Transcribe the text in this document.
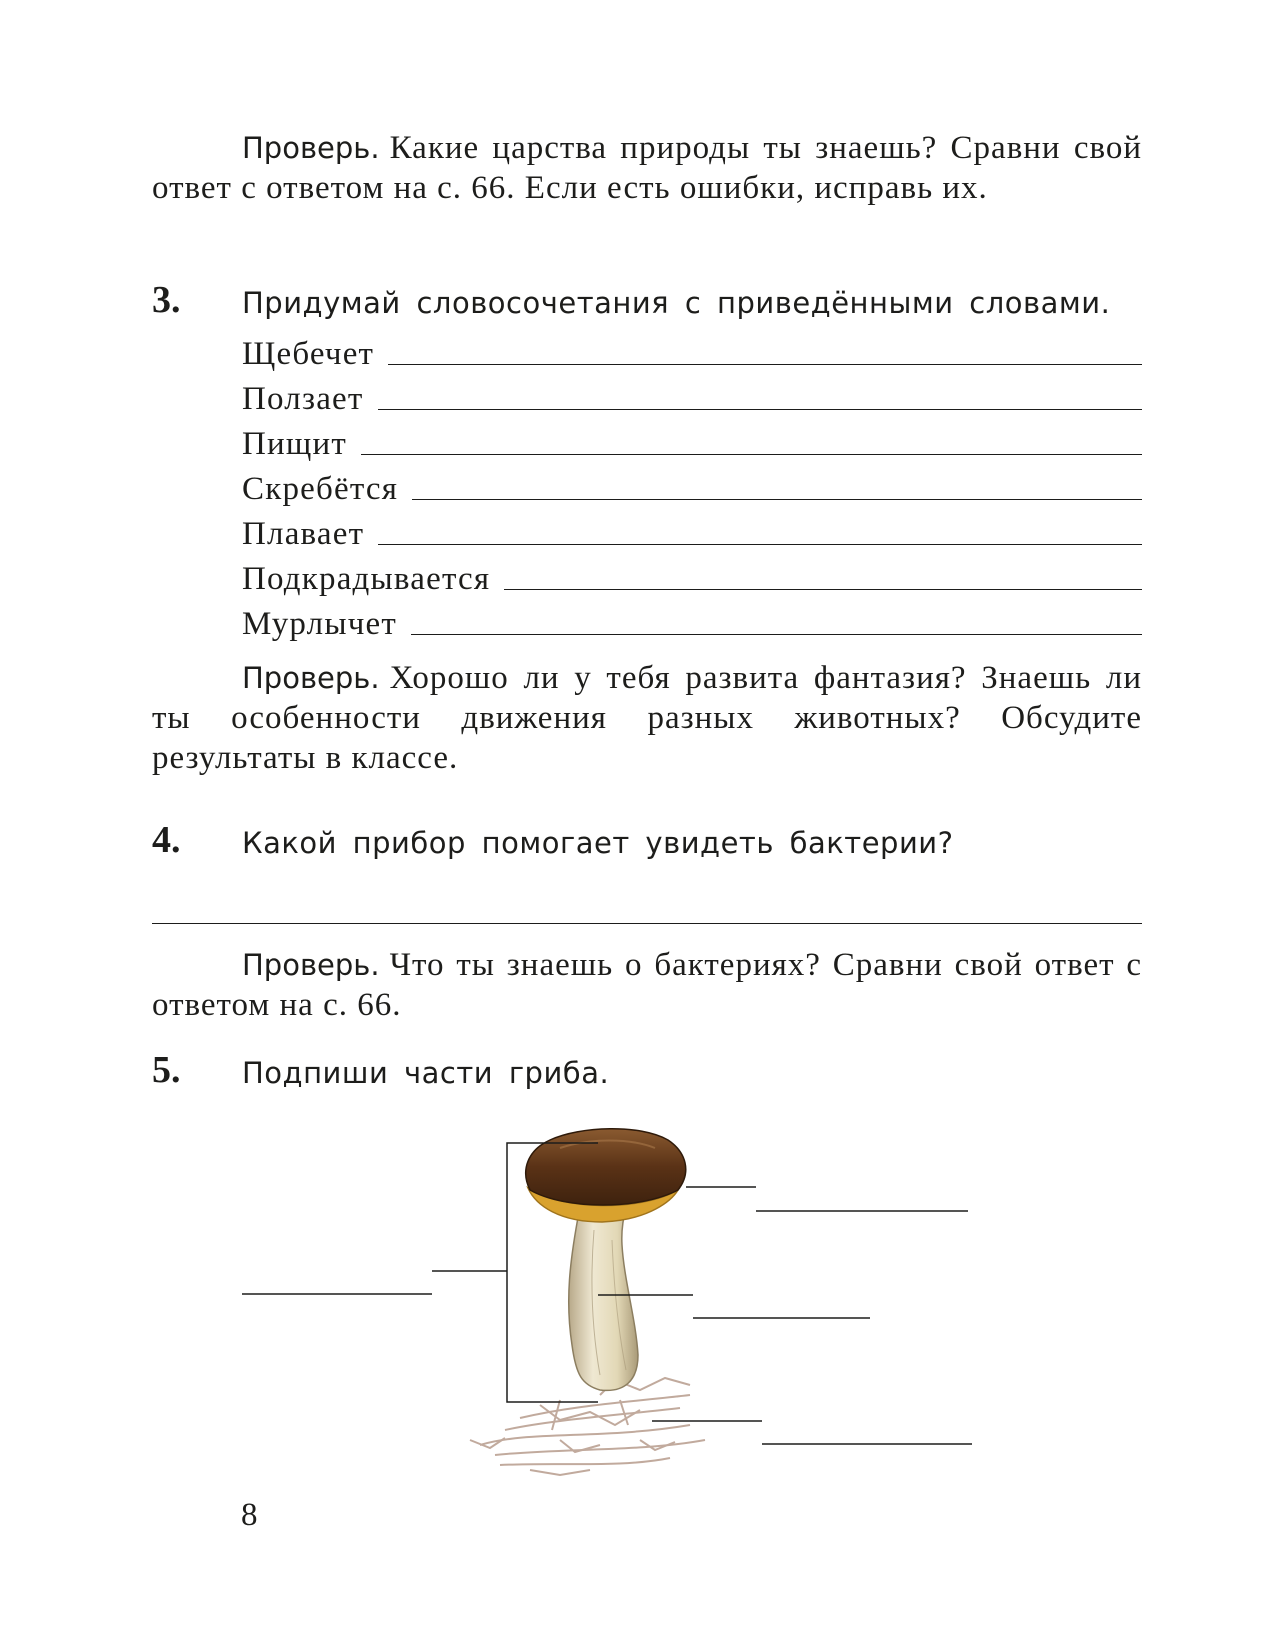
Проверь. Какие царства природы ты знаешь? Сравни свой ответ с ответом на с. 66. Если есть ошибки, исправь их.
3. Придумай словосочетания с приведёнными словами.
Щебечет
Ползает
Пищит
Скребётся
Плавает
Подкрадывается
Мурлычет
Проверь. Хорошо ли у тебя развита фантазия? Знаешь ли ты особенности движения разных животных? Обсудите результаты в классе.
4. Какой прибор помогает увидеть бактерии?
Проверь. Что ты знаешь о бактериях? Сравни свой ответ с ответом на с. 66.
5. Подпиши части гриба.
8
